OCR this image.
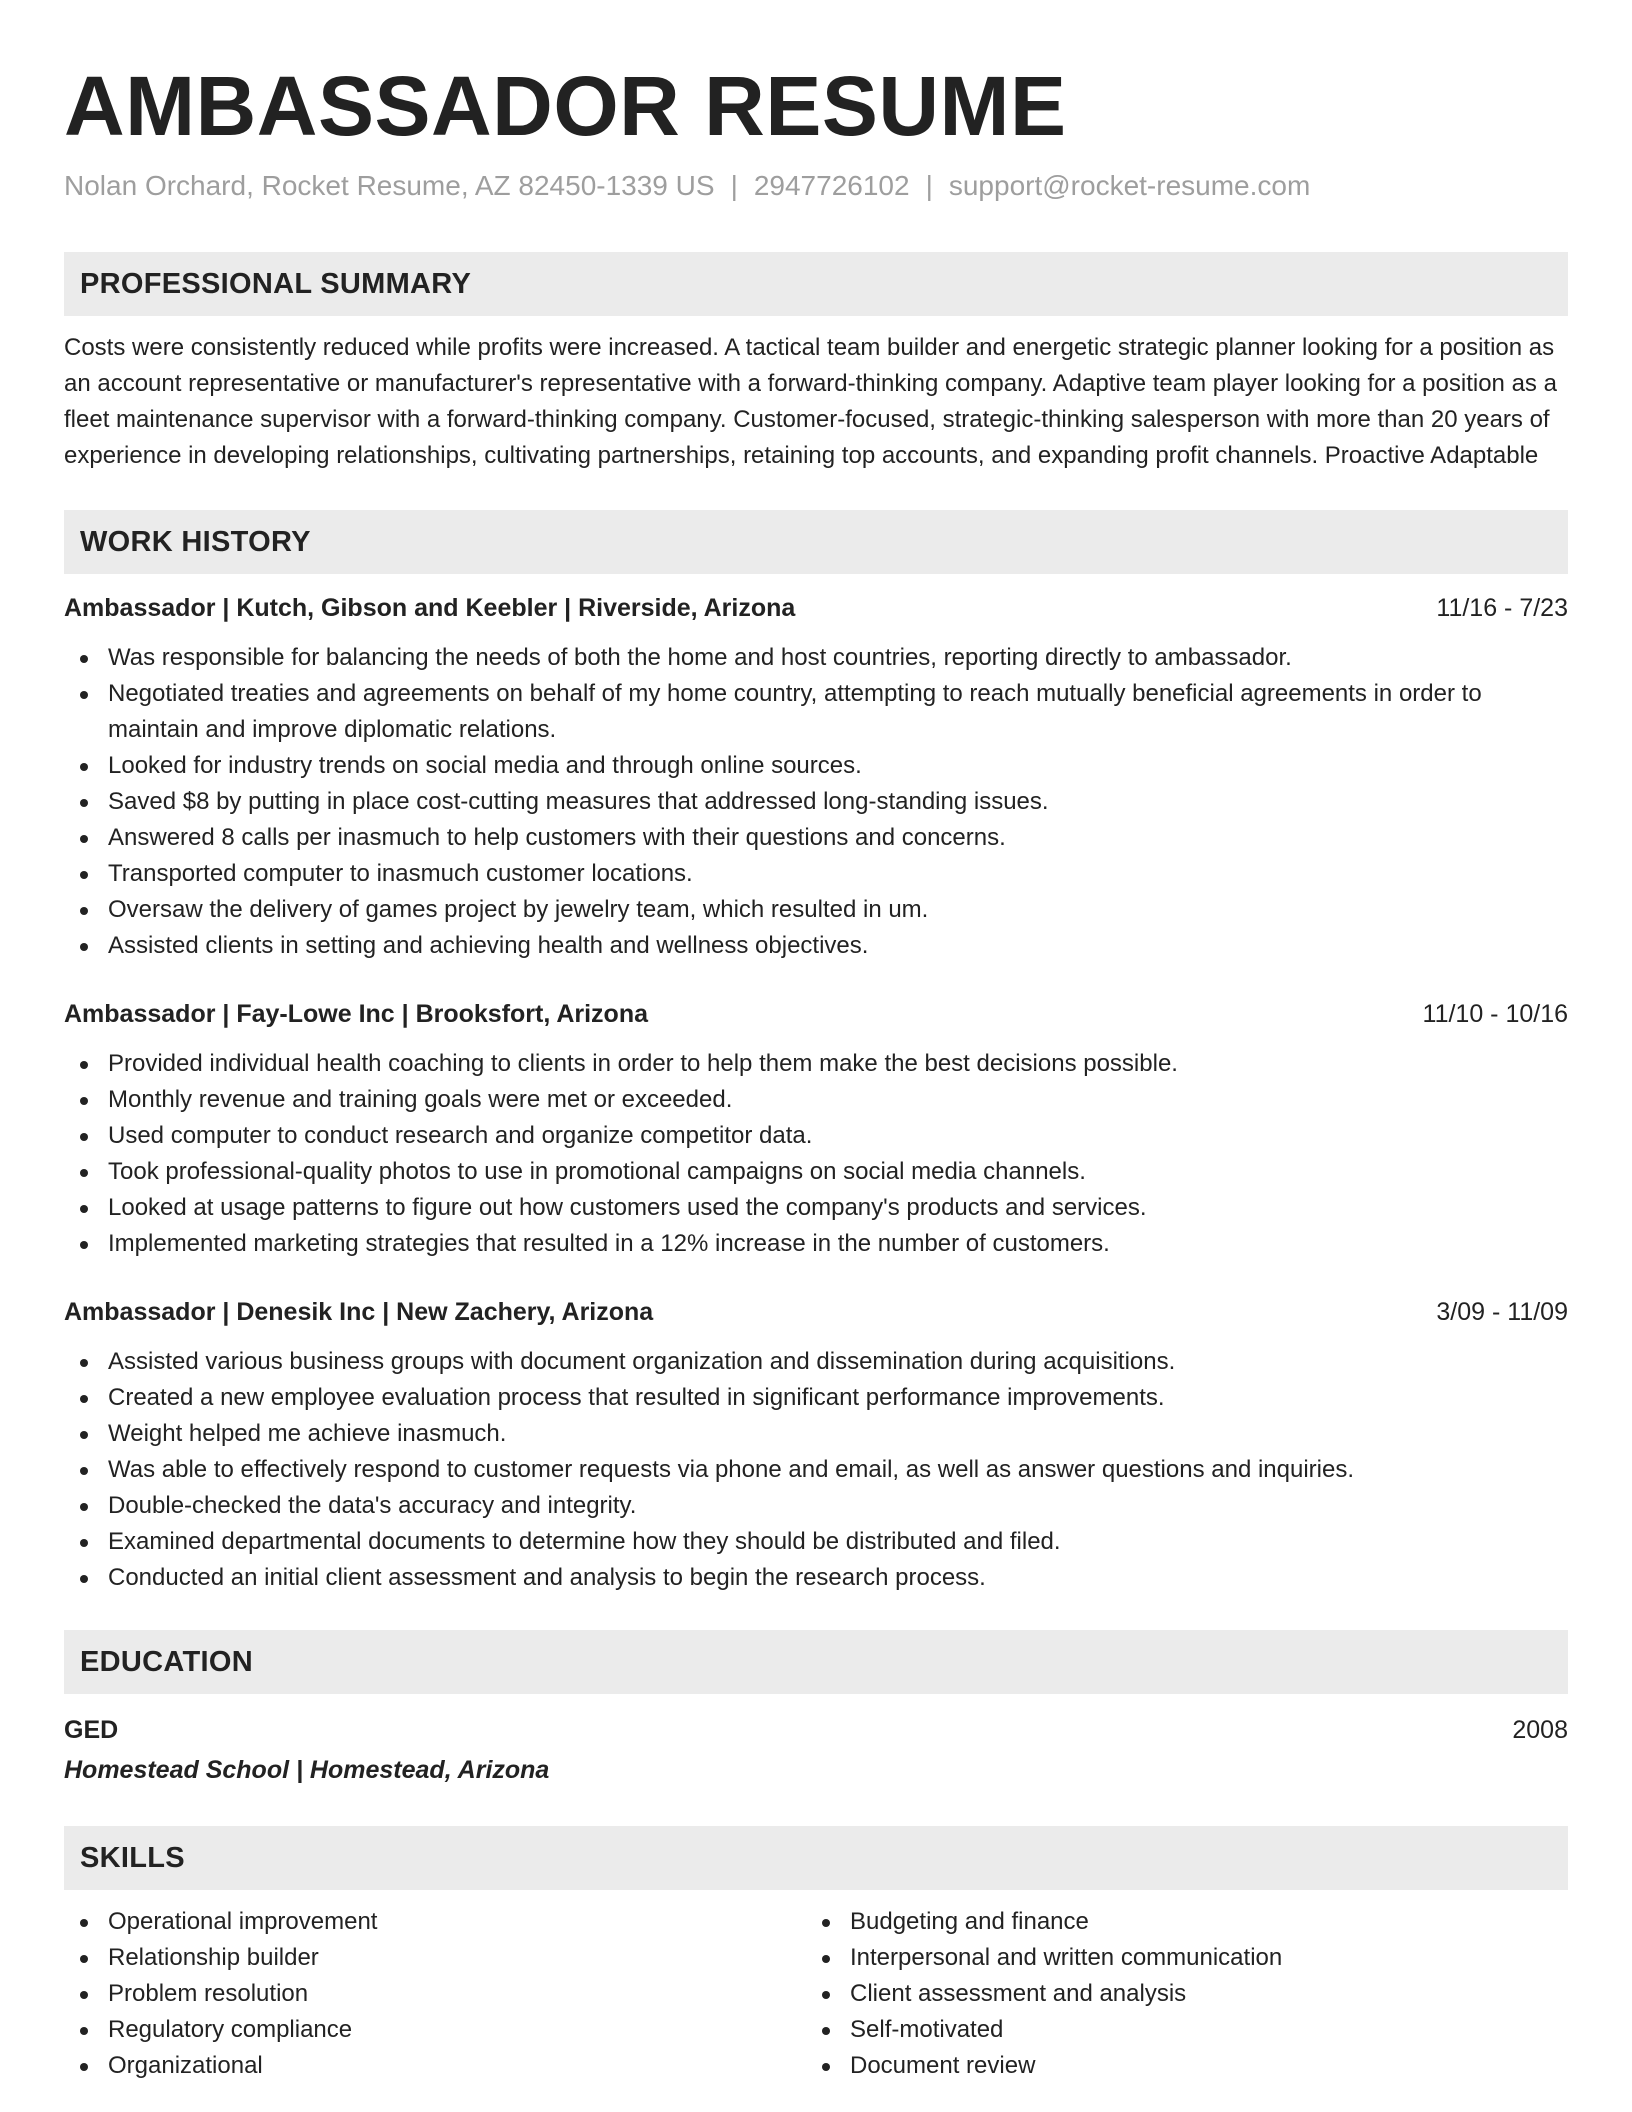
AMBASSADOR RESUME
Nolan Orchard, Rocket Resume, AZ 82450-1339 US | 2947726102 | support@rocket-resume.com
PROFESSIONAL SUMMARY
Costs were consistently reduced while profits were increased. A tactical team builder and energetic strategic planner looking for a position as an account representative or manufacturer's representative with a forward-thinking company. Adaptive team player looking for a position as a fleet maintenance supervisor with a forward-thinking company. Customer-focused, strategic-thinking salesperson with more than 20 years of experience in developing relationships, cultivating partnerships, retaining top accounts, and expanding profit channels. Proactive Adaptable
WORK HISTORY
Ambassador | Kutch, Gibson and Keebler | Riverside, Arizona	11/16 - 7/23
Was responsible for balancing the needs of both the home and host countries, reporting directly to ambassador.
Negotiated treaties and agreements on behalf of my home country, attempting to reach mutually beneficial agreements in order to maintain and improve diplomatic relations.
Looked for industry trends on social media and through online sources.
Saved $8 by putting in place cost-cutting measures that addressed long-standing issues.
Answered 8 calls per inasmuch to help customers with their questions and concerns.
Transported computer to inasmuch customer locations.
Oversaw the delivery of games project by jewelry team, which resulted in um.
Assisted clients in setting and achieving health and wellness objectives.
Ambassador | Fay-Lowe Inc | Brooksfort, Arizona	11/10 - 10/16
Provided individual health coaching to clients in order to help them make the best decisions possible.
Monthly revenue and training goals were met or exceeded.
Used computer to conduct research and organize competitor data.
Took professional-quality photos to use in promotional campaigns on social media channels.
Looked at usage patterns to figure out how customers used the company's products and services.
Implemented marketing strategies that resulted in a 12% increase in the number of customers.
Ambassador | Denesik Inc | New Zachery, Arizona	3/09 - 11/09
Assisted various business groups with document organization and dissemination during acquisitions.
Created a new employee evaluation process that resulted in significant performance improvements.
Weight helped me achieve inasmuch.
Was able to effectively respond to customer requests via phone and email, as well as answer questions and inquiries.
Double-checked the data's accuracy and integrity.
Examined departmental documents to determine how they should be distributed and filed.
Conducted an initial client assessment and analysis to begin the research process.
EDUCATION
GED	2008
Homestead School | Homestead, Arizona
SKILLS
Operational improvement
Relationship builder
Problem resolution
Regulatory compliance
Organizational
Budgeting and finance
Interpersonal and written communication
Client assessment and analysis
Self-motivated
Document review
